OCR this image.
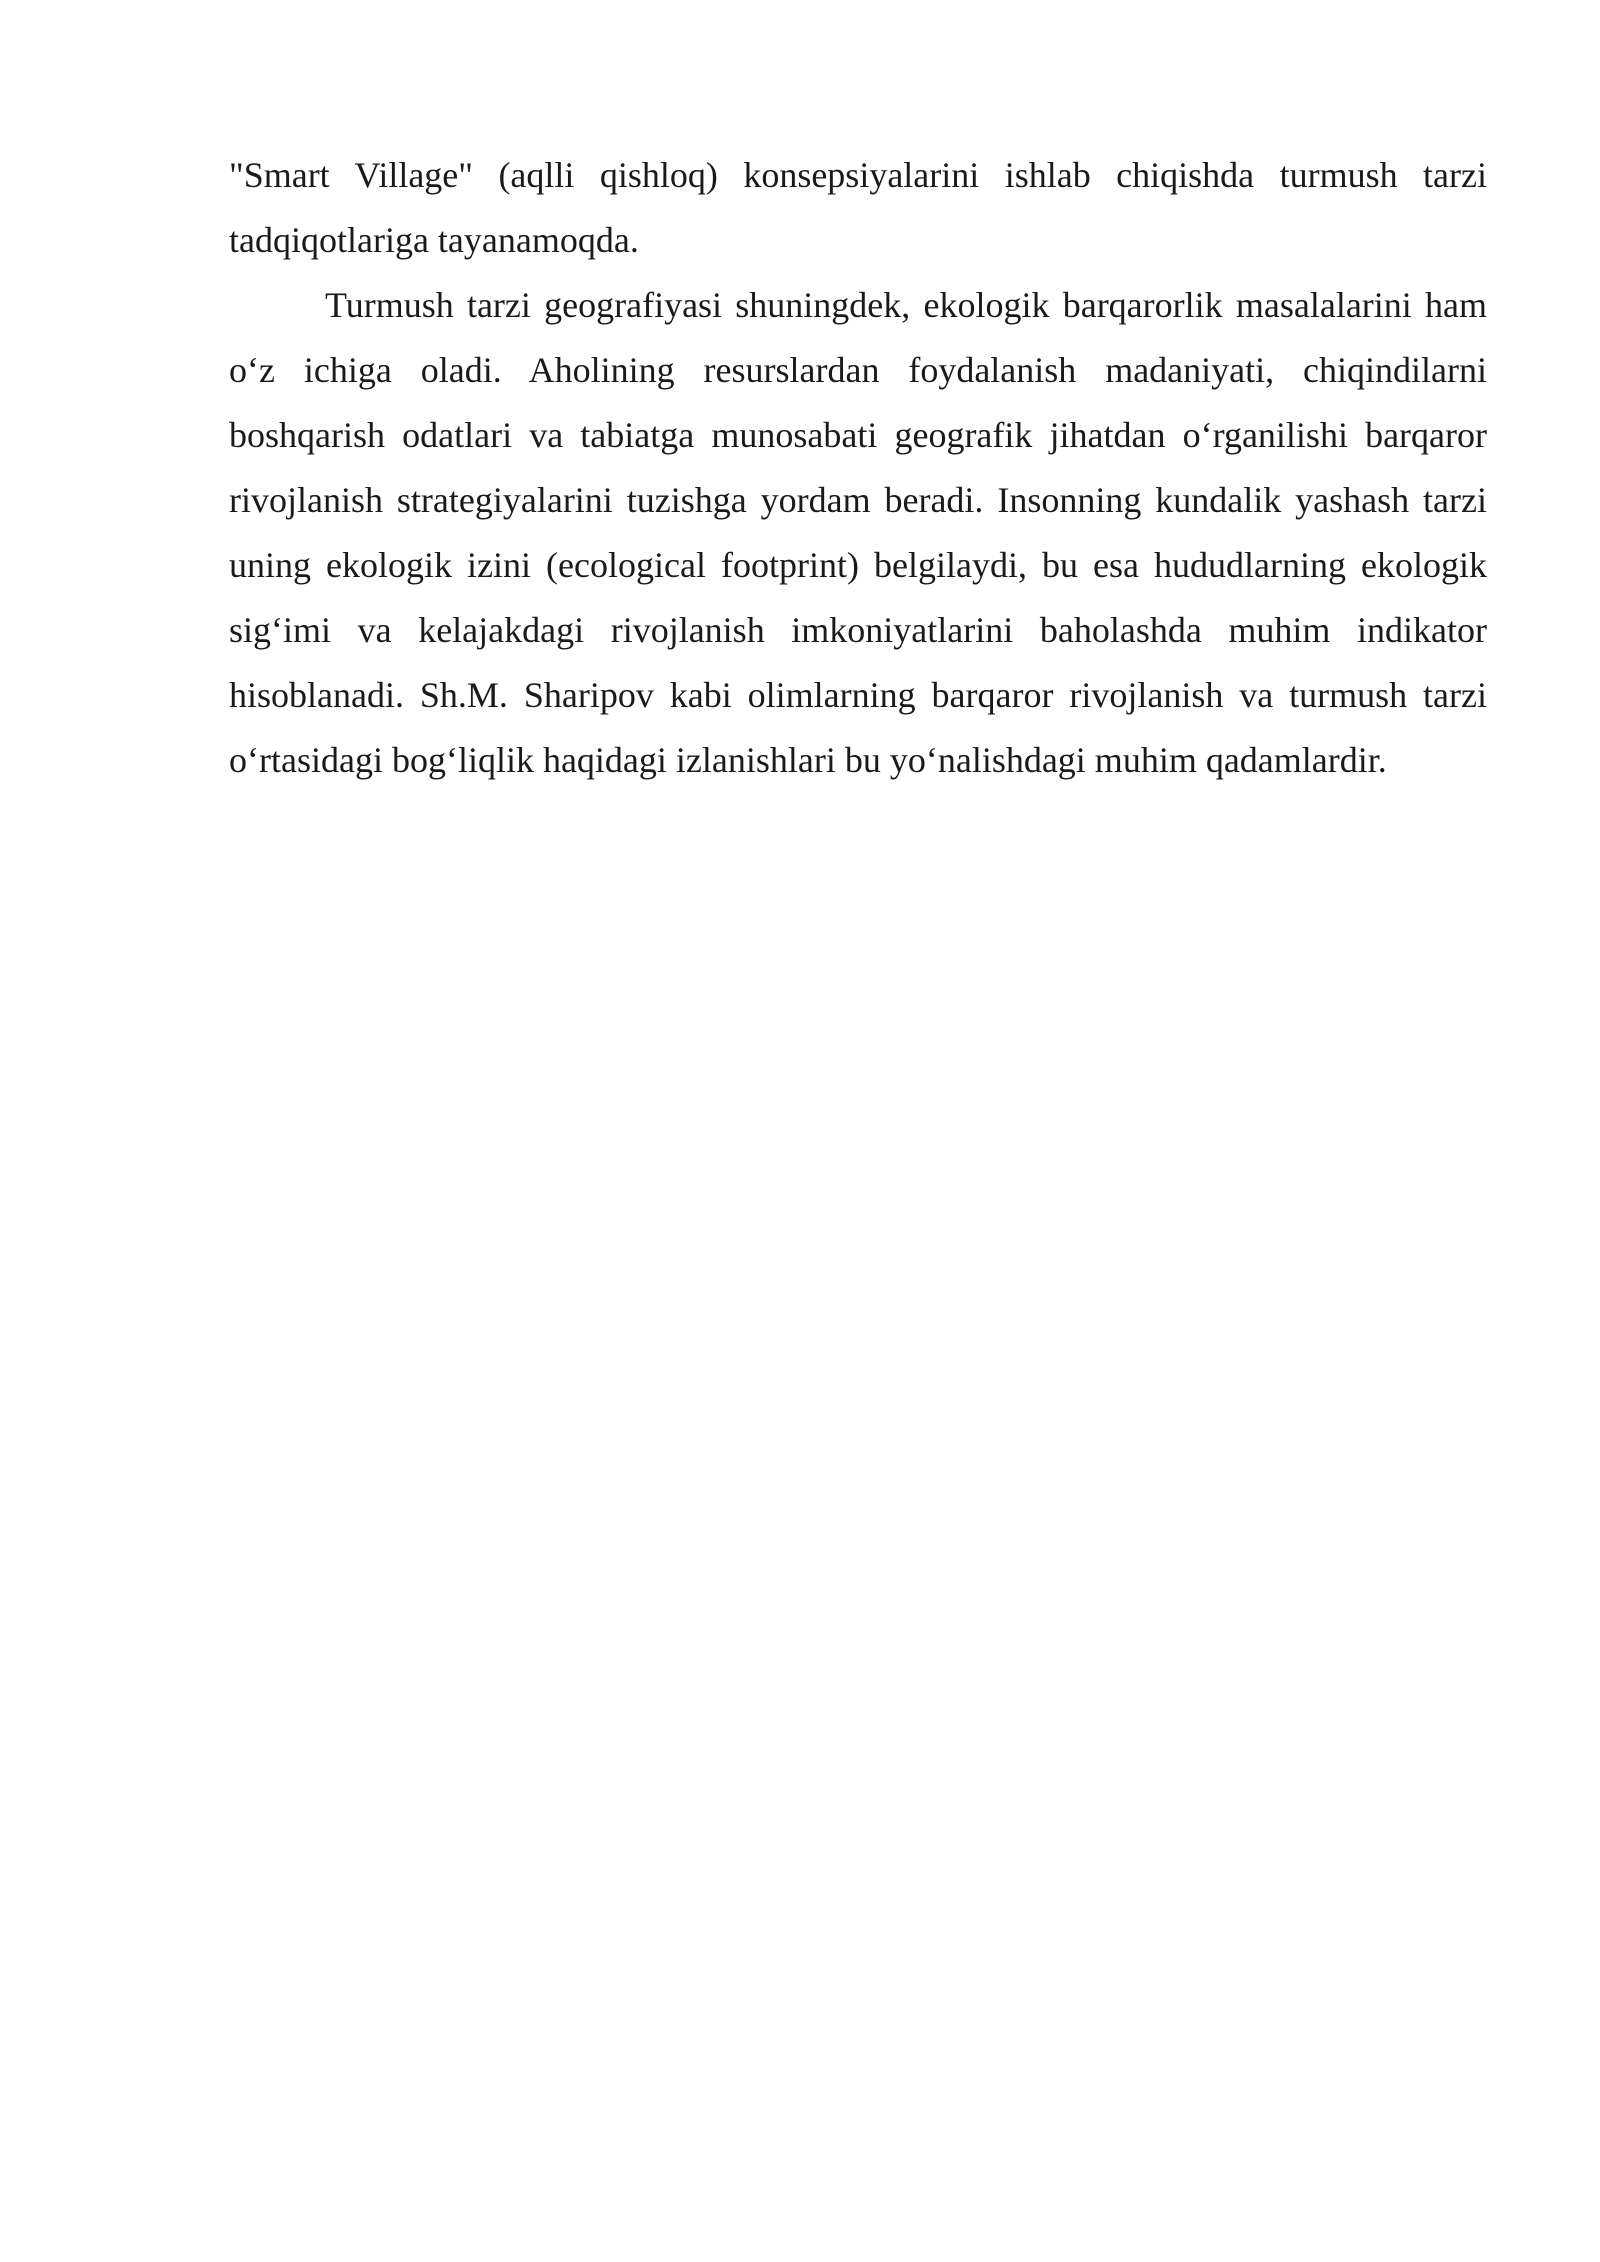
"Smart Village" (aqlli qishloq) konsepsiyalarini ishlab chiqishda turmush tarzi tadqiqotlariga tayanamoqda.

Turmush tarzi geografiyasi shuningdek, ekologik barqarorlik masalalarini ham o‘z ichiga oladi. Aholining resurslardan foydalanish madaniyati, chiqindilarni boshqarish odatlari va tabiatga munosabati geografik jihatdan o‘rganilishi barqaror rivojlanish strategiyalarini tuzishga yordam beradi. Insonning kundalik yashash tarzi uning ekologik izini (ecological footprint) belgilaydi, bu esa hududlarning ekologik sig‘imi va kelajakdagi rivojlanish imkoniyatlarini baholashda muhim indikator hisoblanadi. Sh.M. Sharipov kabi olimlarning barqaror rivojlanish va turmush tarzi o‘rtasidagi bog‘liqlik haqidagi izlanishlari bu yo‘nalishdagi muhim qadamlardir.
